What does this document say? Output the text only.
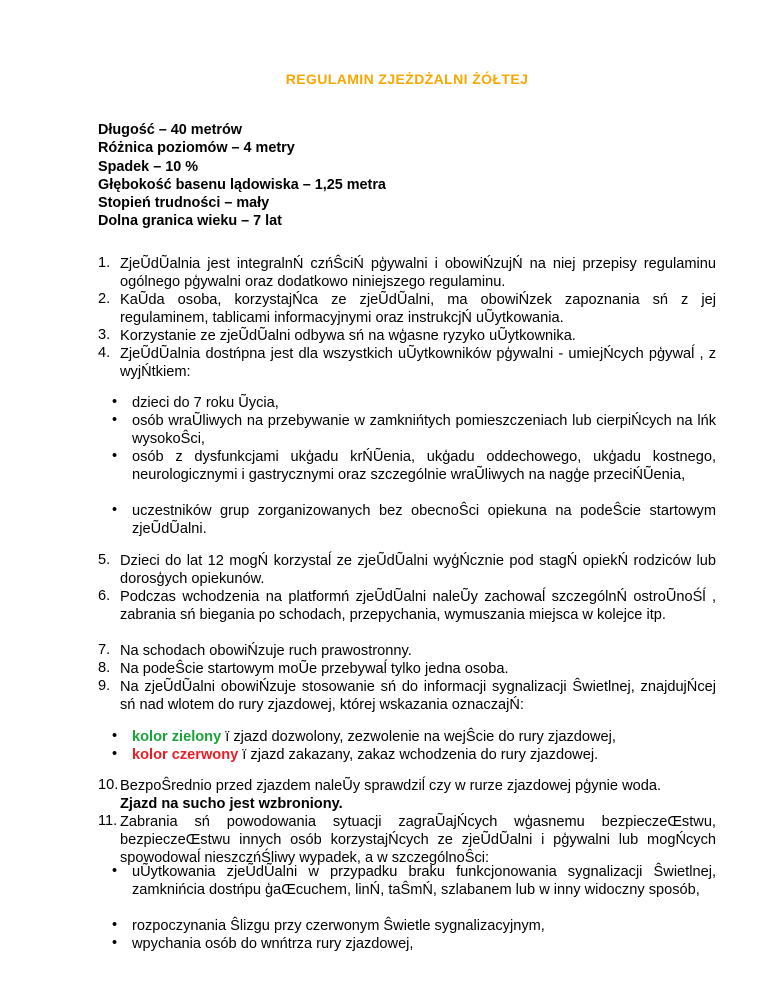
REGULAMIN ZJEŻDŻALNI ŻÓŁTEJ
Długość – 40 metrów
Różnica poziomów – 4 metry
Spadek – 10 %
Głębokość basenu lądowiska – 1,25 metra
Stopień trudności – mały
Dolna granica wieku – 7 lat
1. ZjeŨdŨalnia jest integralnŃ czńŜciŃ pģywalni i obowiŃzujŃ na niej przepisy regulaminu ogólnego pģywalni oraz dodatkowo niniejszego regulaminu.
2. KaŨda osoba, korzystajŃca ze zjeŨdŨalni, ma obowiŃzek zapoznania sń z jej regulaminem, tablicami informacyjnymi oraz instrukcjŃ uŨytkowania.
3. Korzystanie ze zjeŨdŨalni odbywa sń na wģasne ryzyko uŨytkownika.
4. ZjeŨdŨalnia dostńpna jest dla wszystkich uŨytkowników pģywalni - umiejŃcych pģywaĺ , z wyjŃtkiem:
• dzieci do 7 roku Ũycia,
• osób wraŨliwych na przebywanie w zamknińtych pomieszczeniach lub cierpiŃcych na lńk wysokoŜci,
• osób z dysfunkcjami ukģadu krŃŨenia, ukģadu oddechowego, ukģadu kostnego, neurologicznymi i gastrycznymi oraz szczególnie wraŨliwych na nagģe przeciŃŨenia,
• uczestników grup zorganizowanych bez obecnoŜci opiekuna na podeŜcie startowym zjeŨdŨalni.
5. Dzieci do lat 12 mogŃ korzystaĺ ze zjeŨdŨalni wyģŃcznie pod stagŃ opiekŃ rodziców lub dorosģych opiekunów.
6. Podczas wchodzenia na platformń zjeŨdŨalni naleŨy zachowaĺ szczególnŃ ostroŨnoŚĺ , zabrania sń biegania po schodach, przepychania, wymuszania miejsca w kolejce itp.
7. Na schodach obowiŃzuje ruch prawostronny.
8. Na podeŜcie startowym moŨe przebywaĺ tylko jedna osoba.
9. Na zjeŨdŨalni obowiŃzuje stosowanie sń do informacji sygnalizacji Ŝwietlnej, znajdujŃcej sń nad wlotem do rury zjazdowej, której wskazania oznaczajŃ:
• kolor zielony ï zjazd dozwolony, zezwolenie na wejŜcie do rury zjazdowej,
• kolor czerwony ï zjazd zakazany, zakaz wchodzenia do rury zjazdowej.
10. BezpoŜrednio przed zjazdem naleŨy sprawdziĺ czy w rurze zjazdowej pģynie woda.
Zjazd na sucho jest wzbroniony.
11. Zabrania sń powodowania sytuacji zagraŨajŃcych wģasnemu bezpieczeŒstwu, bezpieczeŒstwu innych osób korzystajŃcych ze zjeŨdŨalni i pģywalni lub mogŃcych spowodowaĺ nieszczńŚliwy wypadek, a w szczególnoŜci:
• uŨytkowania zjeŨdŨalni w przypadku braku funkcjonowania sygnalizacji Ŝwietlnej, zamknińcia dostńpu ģaŒcuchem, linŃ, taŜmŃ, szlabanem lub w inny widoczny sposób,
• rozpoczynania Ŝlizgu przy czerwonym Ŝwietle sygnalizacyjnym,
• wpychania osób do wnńtrza rury zjazdowej,
